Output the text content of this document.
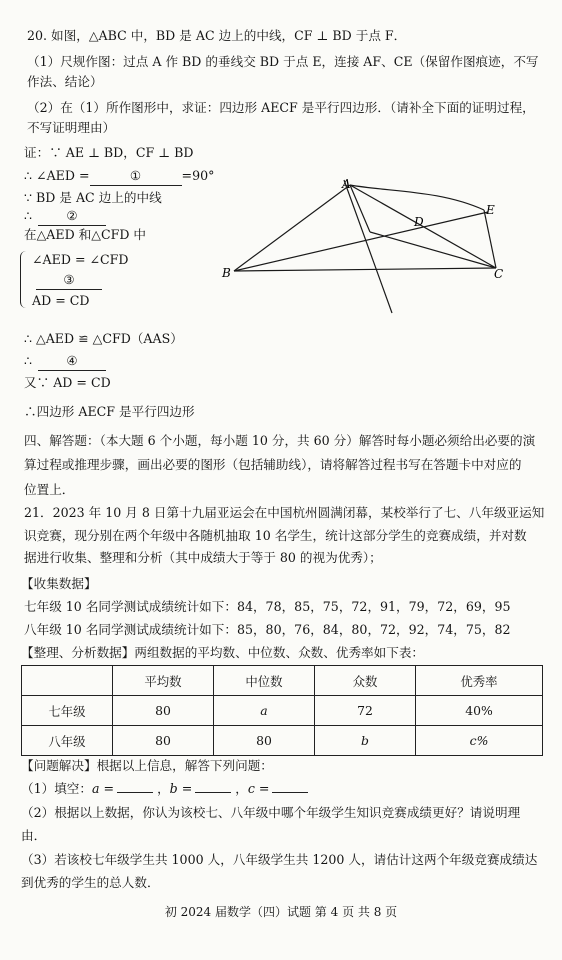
20. 如图，△ABC 中，BD 是 AC 边上的中线，CF ⊥ BD 于点 F．
（1）尺规作图：过点 A 作 BD 的垂线交 BD 于点 E，连接 AF、CE（保留作图痕迹，不写
作法、结论）
（2）在（1）所作图形中，求证：四边形 AECF 是平行四边形．（请补全下面的证明过程，
不写证明理由）
证：∵ AE ⊥ BD，CF ⊥ BD
∴ ∠AED =	①	=90°
∵ BD 是 AC 边上的中线
∴	②
在△AED 和△CFD 中
∠AED = ∠CFD
③
AD = CD
∴ △AED ≌ △CFD（AAS）
∴	④
又∵ AD = CD
∴四边形 AECF 是平行四边形
A
B	C
D
E
四、解答题：（本大题 6 个小题，每小题 10 分，共 60 分）解答时每小题必须给出必要的演
算过程或推理步骤，画出必要的图形（包括辅助线），请将解答过程书写在答题卡中对应的
位置上．
21．2023 年 10 月 8 日第十九届亚运会在中国杭州圆满闭幕，某校举行了七、八年级亚运知
识竞赛，现分别在两个年级中各随机抽取 10 名学生，统计这部分学生的竞赛成绩，并对数
据进行收集、整理和分析（其中成绩大于等于 80 的视为优秀）；
【收集数据】
七年级 10 名同学测试成绩统计如下：84，78，85，75，72，91，79，72，69，95
八年级 10 名同学测试成绩统计如下：85，80，76，84，80，72，92，74，75，82
【整理、分析数据】两组数据的平均数、中位数、众数、优秀率如下表：
	平均数	中位数	众数	优秀率
七年级	80	a	72	40%
八年级	80	80	b	c%
【问题解决】根据以上信息，解答下列问题：
（1）填空：a =	，b =	，c =
（2）根据以上数据，你认为该校七、八年级中哪个年级学生知识竞赛成绩更好？请说明理
由．
（3）若该校七年级学生共 1000 人，八年级学生共 1200 人，请估计这两个年级竞赛成绩达
到优秀的学生的总人数．
初 2024 届数学（四）试题 第 4 页 共 8 页
